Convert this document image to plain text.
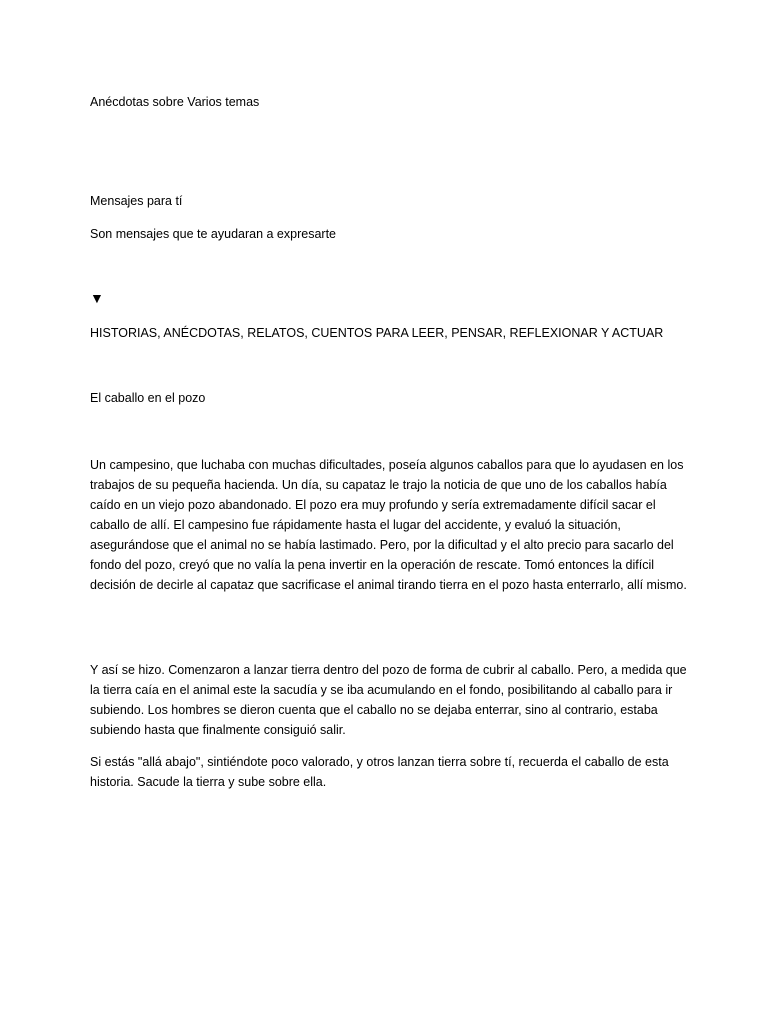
Anécdotas sobre Varios temas

Mensajes para tí

Son mensajes que te ayudaran a expresarte

▼

HISTORIAS, ANÉCDOTAS, RELATOS, CUENTOS PARA LEER, PENSAR, REFLEXIONAR Y ACTUAR

El caballo en el pozo

Un campesino, que luchaba con muchas dificultades, poseía algunos caballos para que lo ayudasen en los trabajos de su pequeña hacienda. Un día, su capataz le trajo la noticia de que uno de los caballos había caído en un viejo pozo abandonado. El pozo era muy profundo y sería extremadamente difícil sacar el caballo de allí. El campesino fue rápidamente hasta el lugar del accidente, y evaluó la situación, asegurándose que el animal no se había lastimado. Pero, por la dificultad y el alto precio para sacarlo del fondo del pozo, creyó que no valía la pena invertir en la operación de rescate. Tomó entonces la difícil decisión de decirle al capataz que sacrificase el animal tirando tierra en el pozo hasta enterrarlo, allí mismo.

Y así se hizo. Comenzaron a lanzar tierra dentro del pozo de forma de cubrir al caballo. Pero, a medida que la tierra caía en el animal este la sacudía y se iba acumulando en el fondo, posibilitando al caballo para ir subiendo. Los hombres se dieron cuenta que el caballo no se dejaba enterrar, sino al contrario, estaba subiendo hasta que finalmente consiguió salir.

Si estás "allá abajo", sintiéndote poco valorado, y otros lanzan tierra sobre tí, recuerda el caballo de esta historia. Sacude la tierra y sube sobre ella.
